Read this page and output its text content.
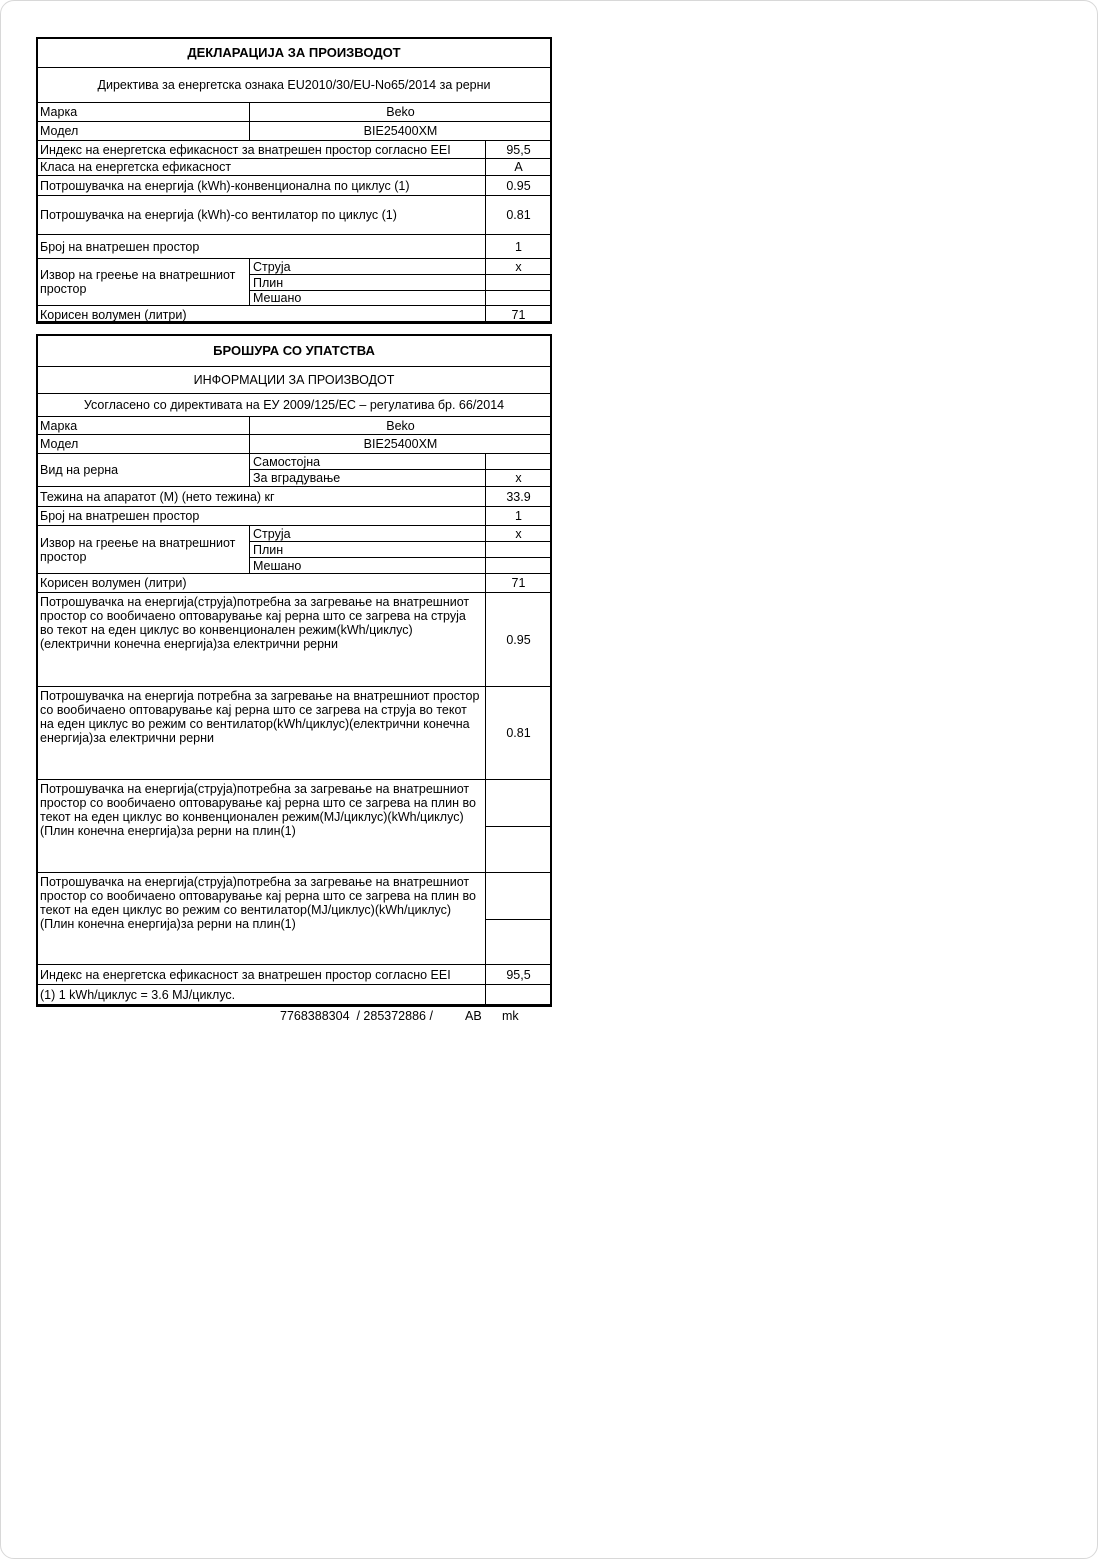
ДЕКЛАРАЦИЈА ЗА ПРОИЗВОДОТ		
Директива за енергетска ознака EU2010/30/EU-No65/2014 за рерни		
Марка	Beko	
Модел	BIE25400XM	
Индекс на енергетска ефикасност за внатрешен простор согласно EEI		95,5
Класа на енергетска ефикасност		A
Потрошувачка на енергија (kWh)-конвенционална по циклус (1)		0.95
Потрошувачка на енергија (kWh)-со вентилатор по циклус (1)		0.81
Број на внатрешен простор		1
Извор на греење на внатрешниот простор	Струја	x
	Плин	
	Мешано	
Корисен волумен (литри)		71
БРОШУРА СО УПАТСТВА		
ИНФОРМАЦИИ ЗА ПРОИЗВОДОТ		
Усогласено со директивата на ЕУ 2009/125/ЕС – регулатива бр. 66/2014		
Марка	Beko	
Модел	BIE25400XM	
Вид на рерна	Самостојна	
	За вградување	x
Тежина на апаратот (М) (нето тежина) кг		33.9
Број на внатрешен простор		1
Извор на греење на внатрешниот простор	Струја	x
	Плин	
	Мешано	
Корисен волумен (литри)		71
Потрошувачка на енергија(струја)потребна за загревање на внатрешниот простор со вообичаено оптоварување кај рерна што се загрева на струја во текот на еден циклус во конвенционален режим(kWh/циклус)(електрични конечна енергија)за електрични рерни		0.95
Потрошувачка на енергија потребна за загревање на внатрешниот простор со вообичаено оптоварување кај рерна што се загрева на струја во текот на еден циклус во режим со вентилатор(kWh/циклус)(електрични конечна енергија)за електрични рерни		0.81
Потрошувачка на енергија(струја)потребна за загревање на внатрешниот простор со вообичаено оптоварување кај рерна што се загрева на плин во текот на еден циклус во конвенционален режим(MJ/циклус)(kWh/циклус)(Плин конечна енергија)за рерни на плин(1)		

Потрошувачка на енергија(струја)потребна за загревање на внатрешниот простор со вообичаено оптоварување кај рерна што се загрева на плин во текот на еден циклус во режим со вентилатор(MJ/циклус)(kWh/циклус)(Плин конечна енергија)за рерни на плин(1)		

Индекс на енергетска ефикасност за внатрешен простор согласно EEI		95,5
(1) 1 kWh/циклус = 3.6 MJ/циклус.		
7768388304  / 285372886 /	AB mk
